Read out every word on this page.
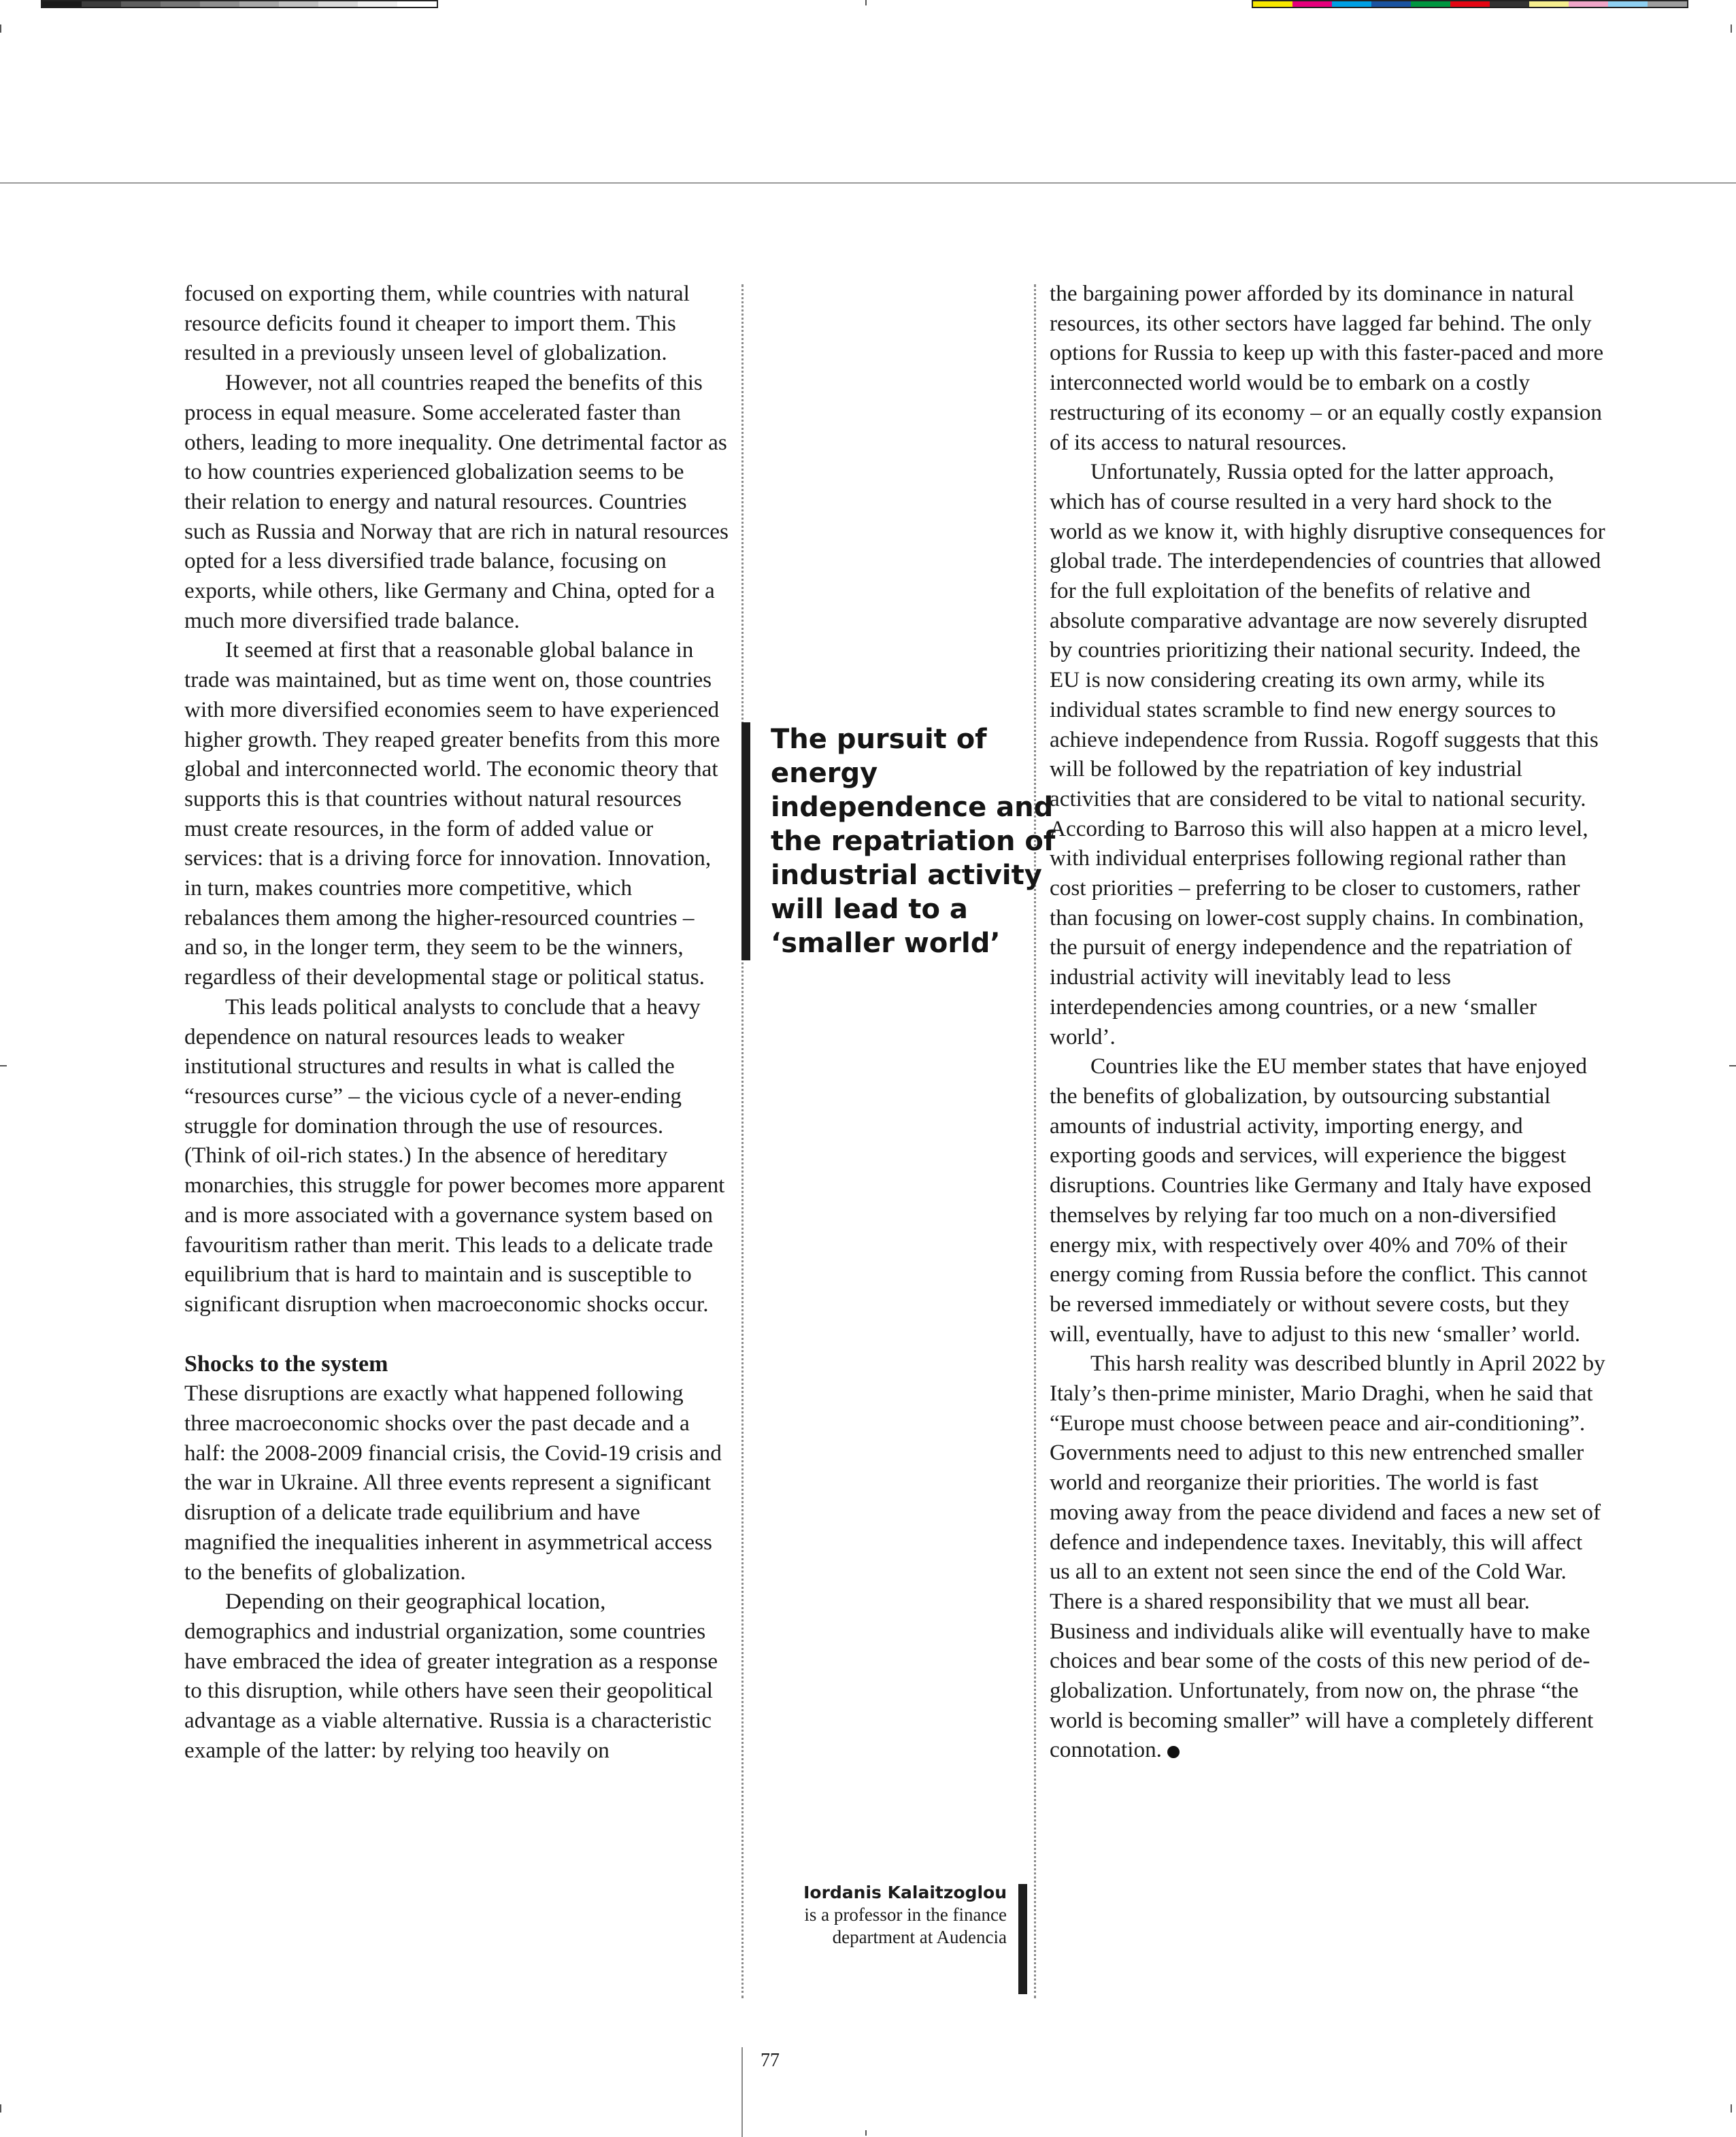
focused on exporting them, while countries with natural resource deficits found it cheaper to import them. This resulted in a previously unseen level of globalization.

However, not all countries reaped the benefits of this process in equal measure. Some accelerated faster than others, leading to more inequality. One detrimental factor as to how countries experienced globalization seems to be their relation to energy and natural resources. Countries such as Russia and Norway that are rich in natural resources opted for a less diversified trade balance, focusing on exports, while others, like Germany and China, opted for a much more diversified trade balance.

It seemed at first that a reasonable global balance in trade was maintained, but as time went on, those countries with more diversified economies seem to have experienced higher growth. They reaped greater benefits from this more global and interconnected world. The economic theory that supports this is that countries without natural resources must create resources, in the form of added value or services: that is a driving force for innovation. Innovation, in turn, makes countries more competitive, which rebalances them among the higher-resourced countries – and so, in the longer term, they seem to be the winners, regardless of their developmental stage or political status.

This leads political analysts to conclude that a heavy dependence on natural resources leads to weaker institutional structures and results in what is called the “resources curse” – the vicious cycle of a never-ending struggle for domination through the use of resources. (Think of oil-rich states.) In the absence of hereditary monarchies, this struggle for power becomes more apparent and is more associated with a governance system based on favouritism rather than merit. This leads to a delicate trade equilibrium that is hard to maintain and is susceptible to significant disruption when macroeconomic shocks occur.

Shocks to the system

These disruptions are exactly what happened following three macroeconomic shocks over the past decade and a half: the 2008-2009 financial crisis, the Covid-19 crisis and the war in Ukraine. All three events represent a significant disruption of a delicate trade equilibrium and have magnified the inequalities inherent in asymmetrical access to the benefits of globalization.

Depending on their geographical location, demographics and industrial organization, some countries have embraced the idea of greater integration as a response to this disruption, while others have seen their geopolitical advantage as a viable alternative. Russia is a characteristic example of the latter: by relying too heavily on

The pursuit of energy independence and the repatriation of industrial activity will lead to a ‘smaller world’
Iordanis Kalaitzoglou is a professor in the finance department at Audencia

the bargaining power afforded by its dominance in natural resources, its other sectors have lagged far behind. The only options for Russia to keep up with this faster-paced and more interconnected world would be to embark on a costly restructuring of its economy – or an equally costly expansion of its access to natural resources.

Unfortunately, Russia opted for the latter approach, which has of course resulted in a very hard shock to the world as we know it, with highly disruptive consequences for global trade. The interdependencies of countries that allowed for the full exploitation of the benefits of relative and absolute comparative advantage are now severely disrupted by countries prioritizing their national security. Indeed, the EU is now considering creating its own army, while its individual states scramble to find new energy sources to achieve independence from Russia. Rogoff suggests that this will be followed by the repatriation of key industrial activities that are considered to be vital to national security. According to Barroso this will also happen at a micro level, with individual enterprises following regional rather than cost priorities – preferring to be closer to customers, rather than focusing on lower-cost supply chains. In combination, the pursuit of energy independence and the repatriation of industrial activity will inevitably lead to less interdependencies among countries, or a new ‘smaller world’.

Countries like the EU member states that have enjoyed the benefits of globalization, by outsourcing substantial amounts of industrial activity, importing energy, and exporting goods and services, will experience the biggest disruptions. Countries like Germany and Italy have exposed themselves by relying far too much on a non-diversified energy mix, with respectively over 40% and 70% of their energy coming from Russia before the conflict. This cannot be reversed immediately or without severe costs, but they will, eventually, have to adjust to this new ‘smaller’ world.

This harsh reality was described bluntly in April 2022 by Italy’s then-prime minister, Mario Draghi, when he said that “Europe must choose between peace and air-conditioning”. Governments need to adjust to this new entrenched smaller world and reorganize their priorities. The world is fast moving away from the peace dividend and faces a new set of defence and independence taxes. Inevitably, this will affect us all to an extent not seen since the end of the Cold War. There is a shared responsibility that we must all bear. Business and individuals alike will eventually have to make choices and bear some of the costs of this new period of de-globalization. Unfortunately, from now on, the phrase “the world is becoming smaller” will have a completely different connotation.

77
